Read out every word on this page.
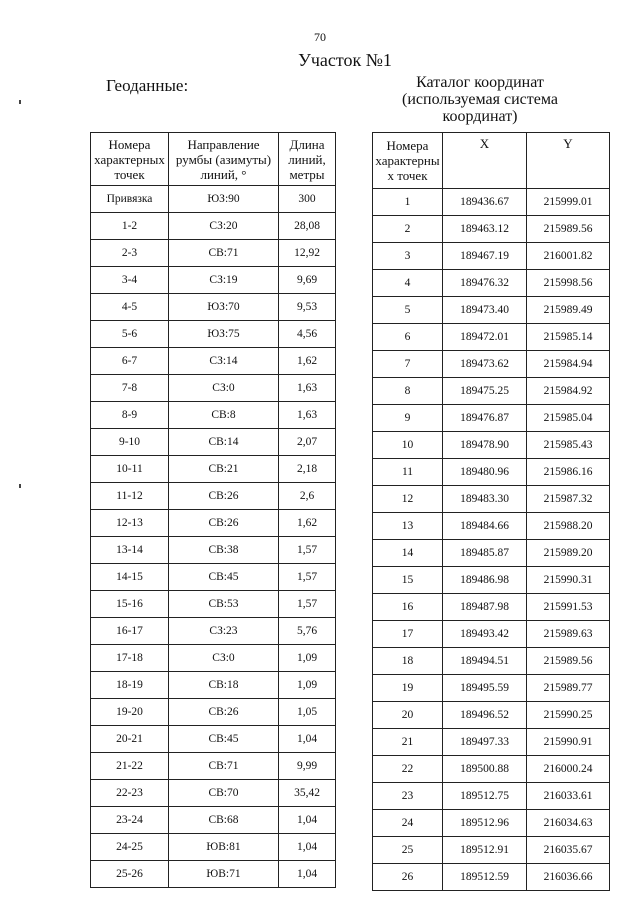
70
Участок №1
Геоданные:	Каталог координат
(используемая система
координат)
Номера характерных точек	Направление румбы (азимуты) линий, °	Длина линий, метры
Привязка	ЮЗ:90	300
1-2	СЗ:20	28,08
2-3	СВ:71	12,92
3-4	СЗ:19	9,69
4-5	ЮЗ:70	9,53
5-6	ЮЗ:75	4,56
6-7	СЗ:14	1,62
7-8	СЗ:0	1,63
8-9	СВ:8	1,63
9-10	СВ:14	2,07
10-11	СВ:21	2,18
11-12	СВ:26	2,6
12-13	СВ:26	1,62
13-14	СВ:38	1,57
14-15	СВ:45	1,57
15-16	СВ:53	1,57
16-17	СЗ:23	5,76
17-18	СЗ:0	1,09
18-19	СВ:18	1,09
19-20	СВ:26	1,05
20-21	СВ:45	1,04
21-22	СВ:71	9,99
22-23	СВ:70	35,42
23-24	СВ:68	1,04
24-25	ЮВ:81	1,04
25-26	ЮВ:71	1,04
Номера характерны х точек	X	Y
1	189436.67	215999.01
2	189463.12	215989.56
3	189467.19	216001.82
4	189476.32	215998.56
5	189473.40	215989.49
6	189472.01	215985.14
7	189473.62	215984.94
8	189475.25	215984.92
9	189476.87	215985.04
10	189478.90	215985.43
11	189480.96	215986.16
12	189483.30	215987.32
13	189484.66	215988.20
14	189485.87	215989.20
15	189486.98	215990.31
16	189487.98	215991.53
17	189493.42	215989.63
18	189494.51	215989.56
19	189495.59	215989.77
20	189496.52	215990.25
21	189497.33	215990.91
22	189500.88	216000.24
23	189512.75	216033.61
24	189512.96	216034.63
25	189512.91	216035.67
26	189512.59	216036.66
